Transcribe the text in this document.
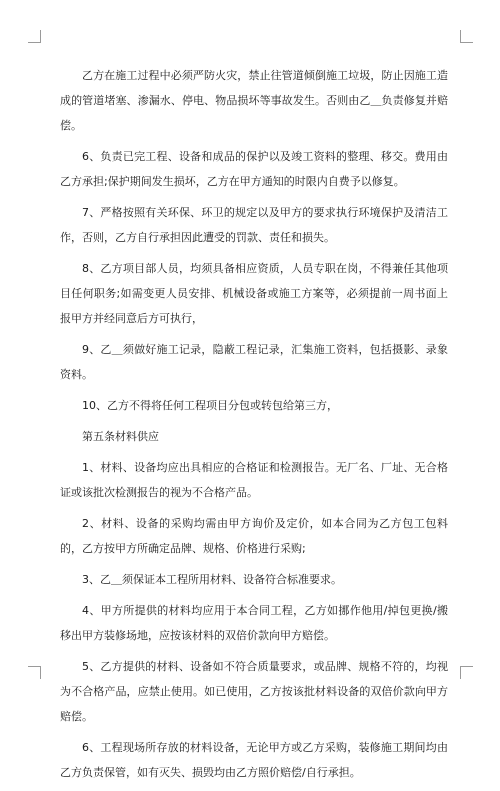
乙方在施工过程中必须严防火灾，禁止往管道倾倒施工垃圾，防止因施工造成的管道堵塞、渗漏水、停电、物品损坏等事故发生。否则由乙＿负责修复并赔偿。

6、负责已完工程、设备和成品的保护以及竣工资料的整理、移交。费用由乙方承担;保护期间发生损坏，乙方在甲方通知的时限内自费予以修复。

7、严格按照有关环保、环卫的规定以及甲方的要求执行环境保护及清洁工作，否则，乙方自行承担因此遭受的罚款、责任和损失。

8、乙方项目部人员，均须具备相应资质，人员专职在岗，不得兼任其他项目任何职务;如需变更人员安排、机械设备或施工方案等，必须提前一周书面上报甲方并经同意后方可执行，

9、乙＿须做好施工记录，隐蔽工程记录，汇集施工资料，包括摄影、录象资料。

10、乙方不得将任何工程项目分包或转包给第三方，

第五条材料供应

1、材料、设备均应出具相应的合格证和检测报告。无厂名、厂址、无合格证或该批次检测报告的视为不合格产品。

2、材料、设备的采购均需由甲方询价及定价，如本合同为乙方包工包料的，乙方按甲方所确定品牌、规格、价格进行采购;

3、乙＿须保证本工程所用材料、设备符合标准要求。

4、甲方所提供的材料均应用于本合同工程，乙方如挪作他用/掉包更换/搬移出甲方装修场地，应按该材料的双倍价款向甲方赔偿。

5、乙方提供的材料、设备如不符合质量要求，或品牌、规格不符的，均视为不合格产品，应禁止使用。如已使用，乙方按该批材料设备的双倍价款向甲方赔偿。

6、工程现场所存放的材料设备，无论甲方或乙方采购，装修施工期间均由乙方负责保管，如有灭失、损毁均由乙方照价赔偿/自行承担。
